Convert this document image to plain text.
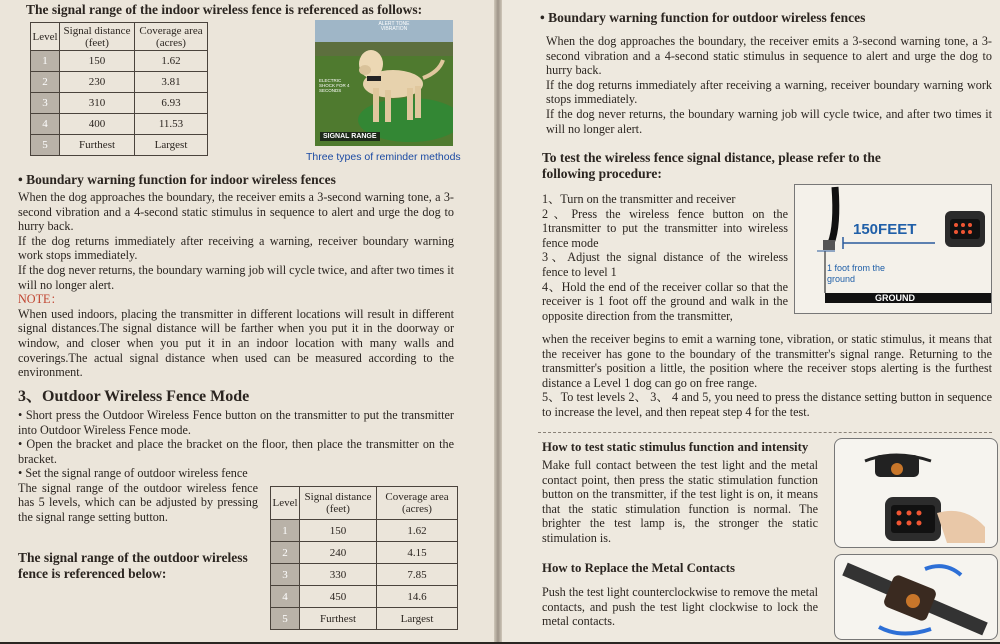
The signal range of the indoor wireless fence is referenced as follows:
Level	Signal distance (feet)	Coverage area (acres)
1	150	1.62
2	230	3.81
3	310	6.93
4	400	11.53
5	Furthest	Largest
ALERT TONE VIBRATION
ELECTRIC SHOCK FOR 4 SECONDS
SIGNAL RANGE
Three types of reminder methods
• Boundary warning function for indoor wireless fences
When the dog approaches the boundary, the receiver emits a 3-second warning tone, a 3-second vibration and a 4-second static stimulus in sequence to alert and urge the dog to hurry back.
If the dog returns immediately after receiving a warning, receiver boundary warning work stops immediately.
If the dog never returns, the boundary warning job will cycle twice, and after two times it will no longer alert.
NOTE：
When used indoors, placing the transmitter in different locations will result in different signal distances.The signal distance will be farther when you put it in the doorway or window, and closer when you put it in an indoor location with many walls and coverings.The actual signal distance when used can be measured according to the environment.
3、Outdoor Wireless Fence Mode
• Short press the Outdoor Wireless Fence button on the transmitter to put the transmitter into Outdoor Wireless Fence mode.
• Open the bracket and place the bracket on the floor, then place the transmitter on the bracket.
• Set the signal range of outdoor wireless fence
The signal range of the outdoor wireless fence has 5 levels, which can be adjusted by pressing the signal range setting button.
The signal range of the outdoor wireless fence is referenced below:
Level	Signal distance (feet)	Coverage area (acres)
1	150	1.62
2	240	4.15
3	330	7.85
4	450	14.6
5	Furthest	Largest
• Boundary warning function for outdoor wireless fences
When the dog approaches the boundary, the receiver emits a 3-second warning tone, a 3-second vibration and a 4-second static stimulus in sequence to alert and urge the dog to hurry back.
If the dog returns immediately after receiving a warning, receiver boundary warning work stops immediately.
If the dog never returns, the boundary warning job will cycle twice, and after two times it will no longer alert.
To test the wireless fence signal distance, please refer to the following procedure:
1、Turn on the transmitter and receiver
2、Press the wireless fence button on the 1transmitter to put the transmitter into wireless fence mode
3、Adjust the signal distance of the wireless fence to level 1
4、Hold the end of the receiver collar so that the receiver is 1 foot off the ground and walk in the opposite direction from the transmitter,
when the receiver begins to emit a warning tone, vibration, or static stimulus, it means that the receiver has gone to the boundary of the transmitter's signal range. Returning to the transmitter's position a little, the position where the receiver stops alerting is the furthest distance a Level 1 dog can go on free range.
5、To test levels 2、 3、 4 and 5, you need to press the distance setting button in sequence to increase the level, and then repeat step 4 for the test.
150FEET
1 foot from the ground
GROUND
How to test static stimulus function and intensity
Make full contact between the test light and the metal contact point, then press the static stimulation function button on the transmitter, if the test light is on, it means that the static stimulation function is normal. The brighter the test lamp is, the stronger the static stimulation is.
How to Replace the Metal Contacts
Push the test light counterclockwise to remove the metal contacts, and push the test light clockwise to lock the metal contacts.
